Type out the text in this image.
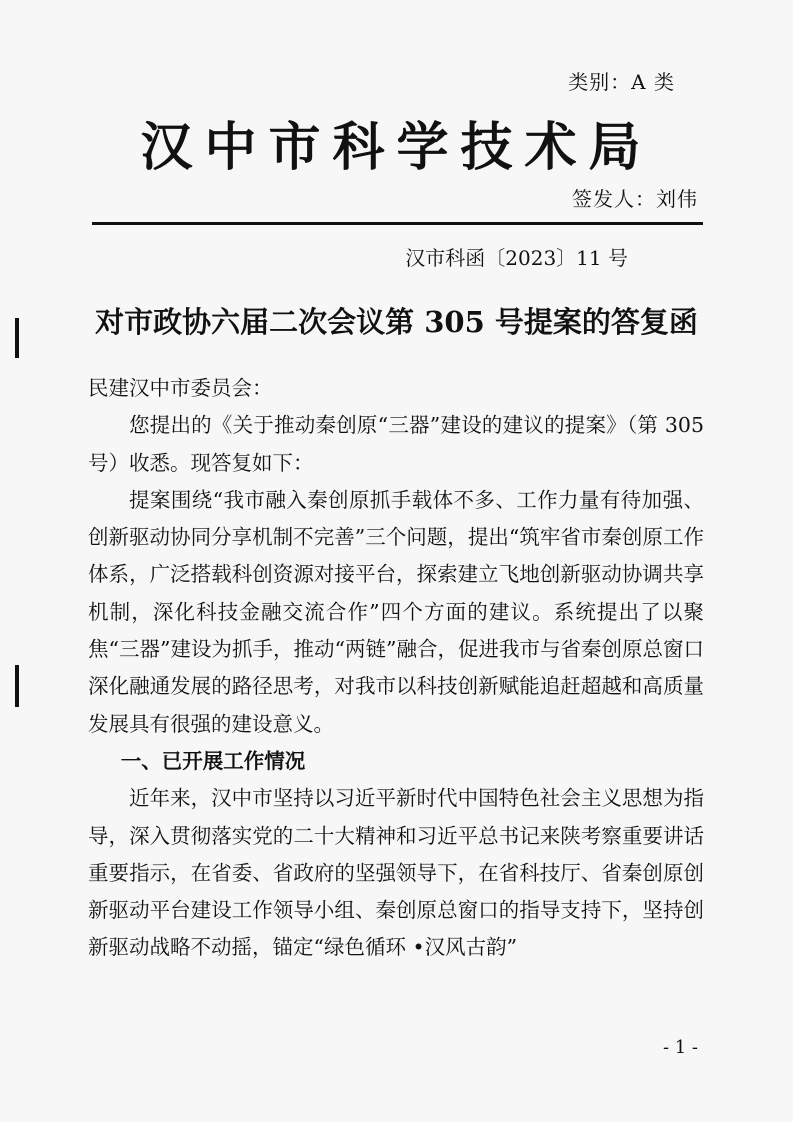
类别：A 类
汉中市科学技术局
签发人：刘伟
汉市科函〔2023〕11 号
对市政协六届二次会议第 305 号提案的答复函

民建汉中市委员会：

您提出的《关于推动秦创原“三器”建设的建议的提案》（第 305 号）收悉。现答复如下：

提案围绕“我市融入秦创原抓手载体不多、工作力量有待加强、创新驱动协同分享机制不完善”三个问题，提出“筑牢省市秦创原工作体系，广泛搭载科创资源对接平台，探索建立飞地创新驱动协调共享机制，深化科技金融交流合作”四个方面的建议。系统提出了以聚焦“三器”建设为抓手，推动“两链”融合，促进我市与省秦创原总窗口深化融通发展的路径思考，对我市以科技创新赋能追赶超越和高质量发展具有很强的建设意义。

一、已开展工作情况

近年来，汉中市坚持以习近平新时代中国特色社会主义思想为指导，深入贯彻落实党的二十大精神和习近平总书记来陕考察重要讲话重要指示，在省委、省政府的坚强领导下，在省科技厅、省秦创原创新驱动平台建设工作领导小组、秦创原总窗口的指导支持下，坚持创新驱动战略不动摇，锚定“绿色循环 •汉风古韵”

- 1 -
